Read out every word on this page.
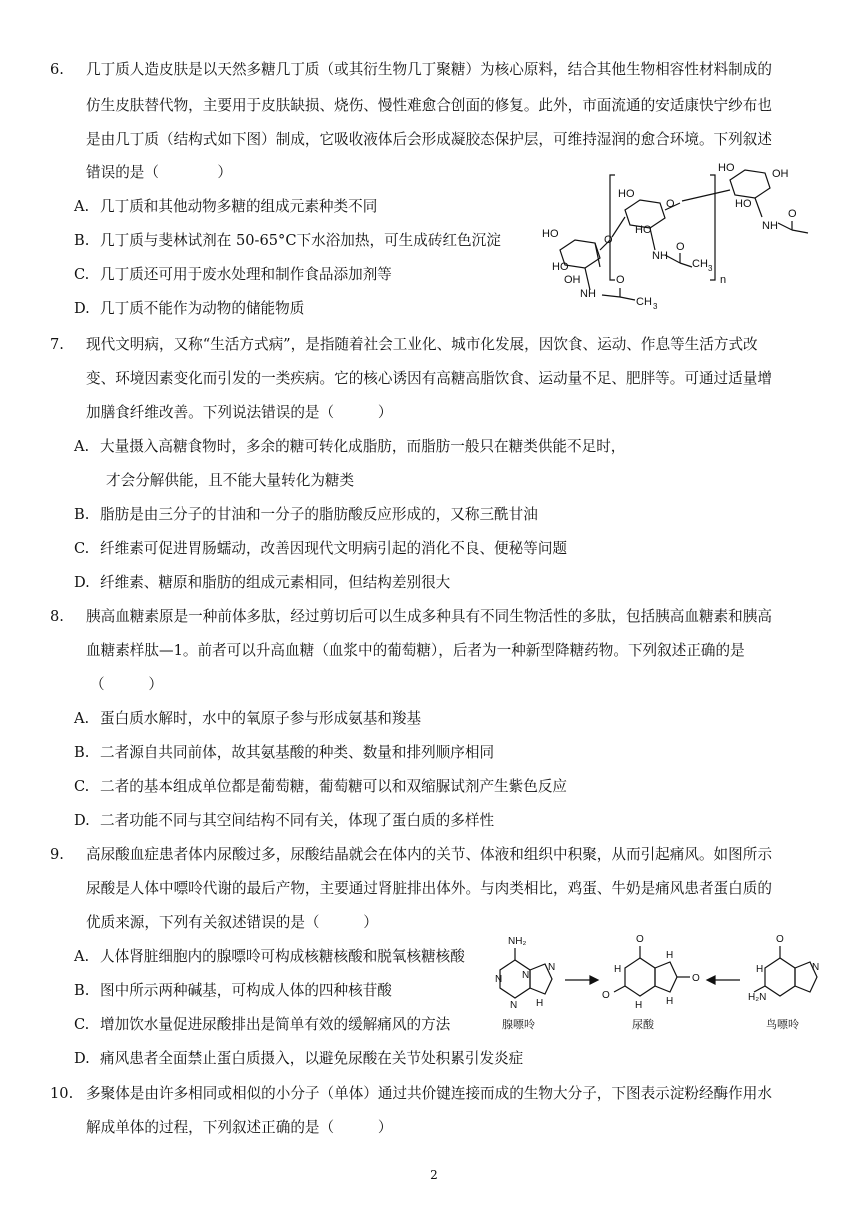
6. 几丁质人造皮肤是以天然多糖几丁质（或其衍生物几丁聚糖）为核心原料，结合其他生物相容性材料制成的
仿生皮肤替代物，主要用于皮肤缺损、烧伤、慢性难愈合创面的修复。此外，市面流通的安适康快宁纱布也
是由几丁质（结构式如下图）制成，它吸收液体后会形成凝胶态保护层，可维持湿润的愈合环境。下列叙述
错误的是（　　　　）
A. 几丁质和其他动物多糖的组成元素种类不同
B. 几丁质与斐林试剂在 50-65°C下水浴加热，可生成砖红色沉淀
C. 几丁质还可用于废水处理和制作食品添加剂等
D. 几丁质不能作为动物的储能物质
HO
HO
OH
O
NH
O
CH 3
HO
HO
O
NH
O
CH 3
n
HO	OH
HO
NH
O
7. 现代文明病，又称“生活方式病”，是指随着社会工业化、城市化发展，因饮食、运动、作息等生活方式改
变、环境因素变化而引发的一类疾病。它的核心诱因有高糖高脂饮食、运动量不足、肥胖等。可通过适量增
加膳食纤维改善。下列说法错误的是（　　　）
A. 大量摄入高糖食物时，多余的糖可转化成脂肪，而脂肪一般只在糖类供能不足时，
才会分解供能，且不能大量转化为糖类
B. 脂肪是由三分子的甘油和一分子的脂肪酸反应形成的，又称三酰甘油
C. 纤维素可促进胃肠蠕动，改善因现代文明病引起的消化不良、便秘等问题
D. 纤维素、糖原和脂肪的组成元素相同，但结构差别很大
8. 胰高血糖素原是一种前体多肽，经过剪切后可以生成多种具有不同生物活性的多肽，包括胰高血糖素和胰高
血糖素样肽—1。前者可以升高血糖（血浆中的葡萄糖），后者为一种新型降糖药物。下列叙述正确的是
（　　　）
A. 蛋白质水解时，水中的氧原子参与形成氨基和羧基
B. 二者源自共同前体，故其氨基酸的种类、数量和排列顺序相同
C. 二者的基本组成单位都是葡萄糖，葡萄糖可以和双缩脲试剂产生紫色反应
D. 二者功能不同与其空间结构不同有关，体现了蛋白质的多样性
9. 高尿酸血症患者体内尿酸过多，尿酸结晶就会在体内的关节、体液和组织中积聚，从而引起痛风。如图所示
尿酸是人体中嘌呤代谢的最后产物，主要通过肾脏排出体外。与肉类相比，鸡蛋、牛奶是痛风患者蛋白质的
优质来源，下列有关叙述错误的是（　　　）
A. 人体肾脏细胞内的腺嘌呤可构成核糖核酸和脱氧核糖核酸
B. 图中所示两种碱基，可构成人体的四种核苷酸
C. 增加饮水量促进尿酸排出是简单有效的缓解痛风的方法
D. 痛风患者全面禁止蛋白质摄入，以避免尿酸在关节处积累引发炎症
NH₂
N
N
N
N
H
O
O
O
H
H
H
H
O
H₂N
H	N
腺嘌呤	尿酸	鸟嘌呤
10. 多聚体是由许多相同或相似的小分子（单体）通过共价键连接而成的生物大分子，下图表示淀粉经酶作用水
解成单体的过程，下列叙述正确的是（　　　）
2
